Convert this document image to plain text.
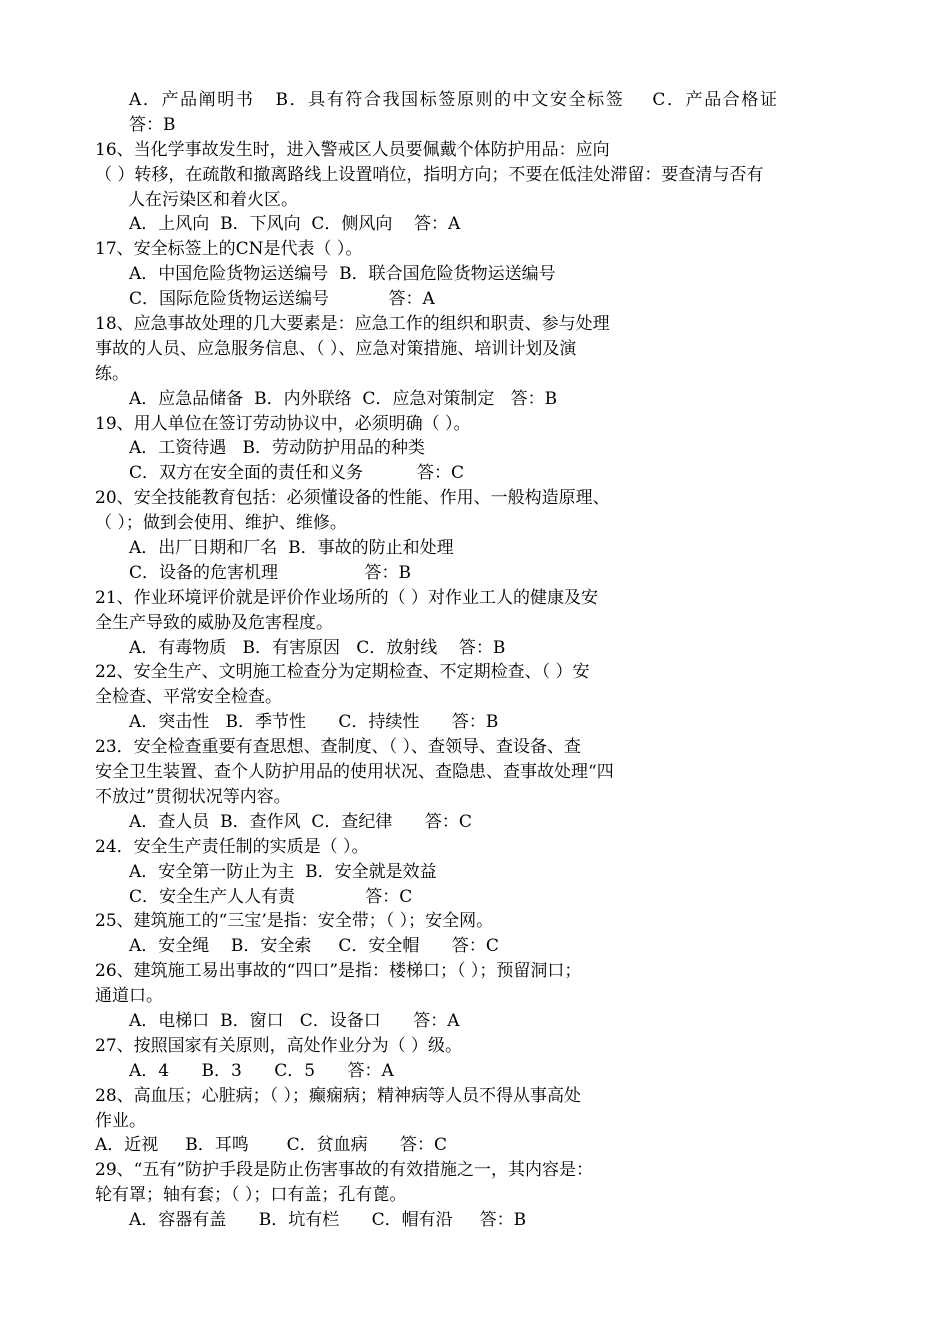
A．产品阐明书   B．具有符合我国标签原则的中文安全标签    C．产品合格证
答：B
16、当化学事故发生时，进入警戒区人员要佩戴个体防护用品：应向
（ ）转移，在疏散和撤离路线上设置哨位，指明方向；不要在低洼处滞留：要查清与否有
人在污染区和着火区。
A．上风向  B．下风向  C．侧风向    答：A
17、安全标签上的CN是代表（ ）。
A．中国危险货物运送编号  B．联合国危险货物运送编号
C．国际危险货物运送编号           答：A
18、应急事故处理的几大要素是：应急工作的组织和职责、参与处理
事故的人员、应急服务信息、（ ）、应急对策措施、培训计划及演
练。
A．应急品储备  B．内外联络  C．应急对策制定   答：B
19、用人单位在签订劳动协议中，必须明确（ ）。
A．工资待遇   B．劳动防护用品的种类
C．双方在安全面的责任和义务          答：C
20、安全技能教育包括：必须懂设备的性能、作用、一般构造原理、
（ ）；做到会使用、维护、维修。
A．出厂日期和厂名  B．事故的防止和处理
C．设备的危害机理                答：B
21、作业环境评价就是评价作业场所的（ ）对作业工人的健康及安
全生产导致的威胁及危害程度。
A．有毒物质   B．有害原因   C．放射线    答：B
22、安全生产、文明施工检查分为定期检查、不定期检查、（ ）安
全检查、平常安全检查。
A．突击性   B．季节性      C．持续性      答：B
23．安全检查重要有查思想、查制度、（ ）、查领导、查设备、查
安全卫生装置、查个人防护用品的使用状况、查隐患、查事故处理“四
不放过”贯彻状况等内容。
A．查人员  B．查作风  C．查纪律      答：C
24．安全生产责任制的实质是（ ）。
A．安全第一防止为主  B．安全就是效益
C．安全生产人人有责             答：C
25、建筑施工的“三宝’是指：安全带；（ ）；安全网。
A．安全绳    B．安全索     C．安全帽      答：C
26、建筑施工易出事故的“四口”是指：楼梯口；（ ）；预留洞口；
通道口。
A．电梯口  B．窗口   C．设备口      答：A
27、按照国家有关原则，高处作业分为（ ）级。
A．4      B．3      C．5      答：A
28、高血压；心脏病；（ ）；癫痫病；精神病等人员不得从事高处
作业。
A．近视     B．耳鸣       C．贫血病      答：C
29、“五有”防护手段是防止伤害事故的有效措施之一，其内容是：
轮有罩；轴有套；（ ）；口有盖；孔有蓖。
A．容器有盖      B．坑有栏      C．帽有沿     答：B
